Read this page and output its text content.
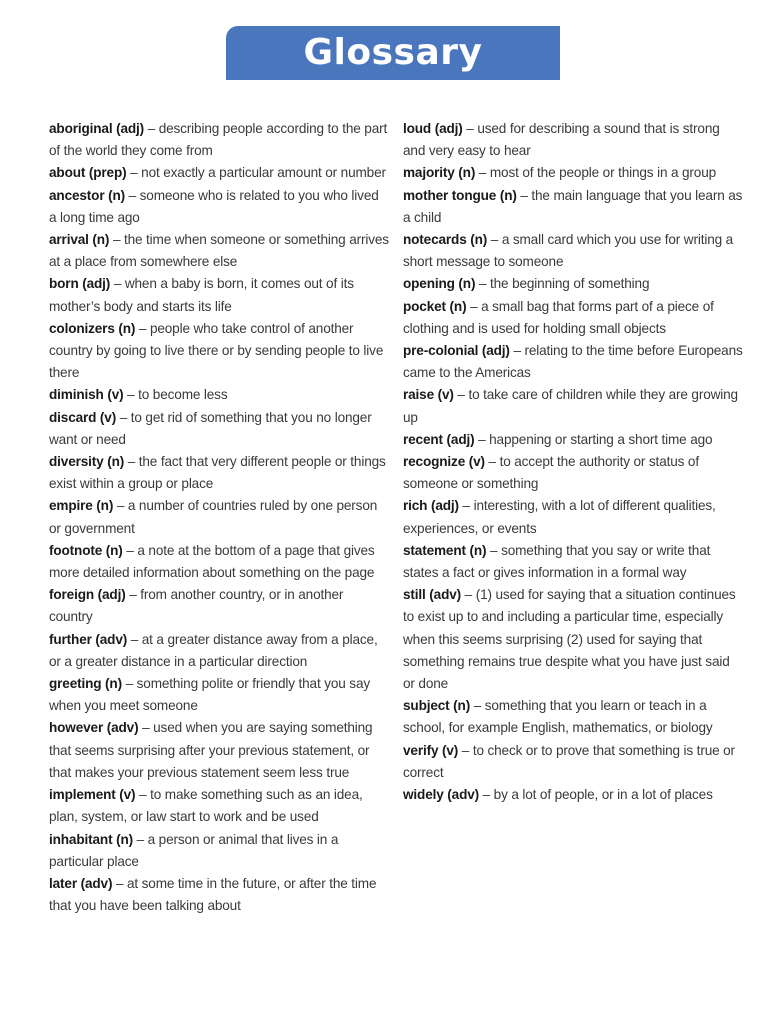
Glossary

aboriginal (adj) – describing people according to the part of the world they come from

about (prep) – not exactly a particular amount or number

ancestor (n) – someone who is related to you who lived a long time ago

arrival (n) – the time when someone or something arrives at a place from somewhere else

born (adj) – when a baby is born, it comes out of its mother’s body and starts its life

colonizers (n) – people who take control of another country by going to live there or by sending people to live there

diminish (v) – to become less

discard (v) – to get rid of something that you no longer want or need

diversity (n) – the fact that very different people or things exist within a group or place

empire (n) – a number of countries ruled by one person or government

footnote (n) – a note at the bottom of a page that gives more detailed information about something on the page

foreign (adj) – from another country, or in another country

further (adv) – at a greater distance away from a place, or a greater distance in a particular direction

greeting (n) – something polite or friendly that you say when you meet someone

however (adv) – used when you are saying something that seems surprising after your previous statement, or that makes your previous statement seem less true

implement (v) – to make something such as an idea, plan, system, or law start to work and be used

inhabitant (n) – a person or animal that lives in a particular place

later (adv) – at some time in the future, or after the time that you have been talking about

loud (adj) – used for describing a sound that is strong and very easy to hear

majority (n) – most of the people or things in a group

mother tongue (n) – the main language that you learn as a child

notecards (n) – a small card which you use for writing a short message to someone

opening (n) – the beginning of something

pocket (n) – a small bag that forms part of a piece of clothing and is used for holding small objects

pre-colonial (adj) – relating to the time before Europeans came to the Americas

raise (v) – to take care of children while they are growing up

recent (adj) – happening or starting a short time ago

recognize (v) – to accept the authority or status of someone or something

rich (adj) – interesting, with a lot of different qualities, experiences, or events

statement (n) – something that you say or write that states a fact or gives information in a formal way

still (adv) – (1) used for saying that a situation continues to exist up to and including a particular time, especially when this seems surprising (2) used for saying that something remains true despite what you have just said or done

subject (n) – something that you learn or teach in a school, for example English, mathematics, or biology

verify (v) – to check or to prove that something is true or correct

widely (adv) – by a lot of people, or in a lot of places
